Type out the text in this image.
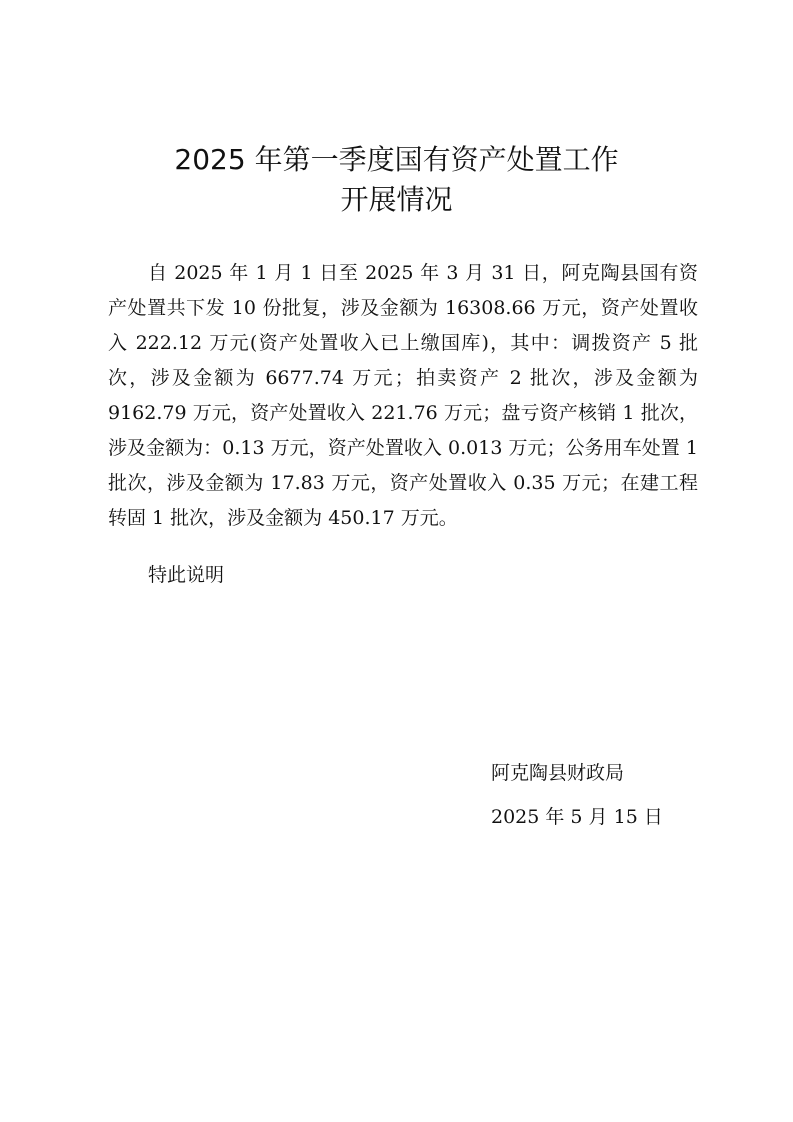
2025 年第一季度国有资产处置工作
开展情况

自 2025 年 1 月 1 日至 2025 年 3 月 31 日，阿克陶县国有资产处置共下发 10 份批复，涉及金额为 16308.66 万元，资产处置收入 222.12 万元(资产处置收入已上缴国库)，其中：调拨资产 5 批次，涉及金额为 6677.74 万元；拍卖资产 2 批次，涉及金额为 9162.79 万元，资产处置收入 221.76 万元；盘亏资产核销 1 批次，涉及金额为：0.13 万元，资产处置收入 0.013 万元；公务用车处置 1 批次，涉及金额为 17.83 万元，资产处置收入 0.35 万元；在建工程转固 1 批次，涉及金额为 450.17 万元。

特此说明
阿克陶县财政局
2025 年 5 月 15 日
